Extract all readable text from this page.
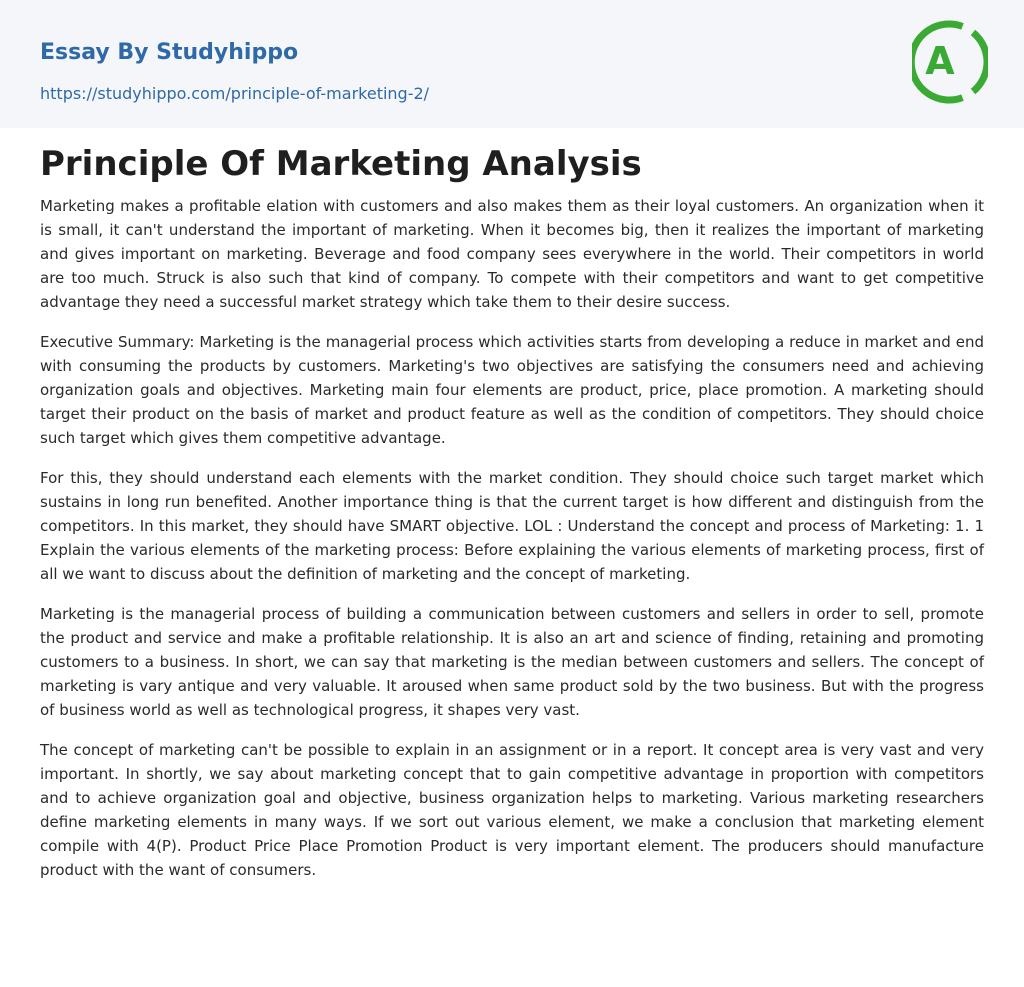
Essay By Studyhippo
https://studyhippo.com/principle-of-marketing-2/
A
Principle Of Marketing Analysis

Marketing makes a profitable elation with customers and also makes them as their loyal customers. An organization when it is small, it can't understand the important of marketing. When it becomes big, then it realizes the important of marketing and gives important on marketing. Beverage and food company sees everywhere in the world. Their competitors in world are too much. Struck is also such that kind of company. To compete with their competitors and want to get competitive advantage they need a successful market strategy which take them to their desire success.

Executive Summary: Marketing is the managerial process which activities starts from developing a reduce in market and end with consuming the products by customers. Marketing's two objectives are satisfying the consumers need and achieving organization goals and objectives. Marketing main four elements are product, price, place promotion. A marketing should target their product on the basis of market and product feature as well as the condition of competitors. They should choice such target which gives them competitive advantage.

For this, they should understand each elements with the market condition. They should choice such target market which sustains in long run benefited. Another importance thing is that the current target is how different and distinguish from the competitors. In this market, they should have SMART objective. LOL : Understand the concept and process of Marketing: 1. 1 Explain the various elements of the marketing process: Before explaining the various elements of marketing process, first of all we want to discuss about the definition of marketing and the concept of marketing.

Marketing is the managerial process of building a communication between customers and sellers in order to sell, promote the product and service and make a profitable relationship. It is also an art and science of finding, retaining and promoting customers to a business. In short, we can say that marketing is the median between customers and sellers. The concept of marketing is vary antique and very valuable. It aroused when same product sold by the two business. But with the progress of business world as well as technological progress, it shapes very vast.

The concept of marketing can't be possible to explain in an assignment or in a report. It concept area is very vast and very important. In shortly, we say about marketing concept that to gain competitive advantage in proportion with competitors and to achieve organization goal and objective, business organization helps to marketing. Various marketing researchers define marketing elements in many ways. If we sort out various element, we make a conclusion that marketing element compile with 4(P). Product Price Place Promotion Product is very important element. The producers should manufacture product with the want of consumers.
